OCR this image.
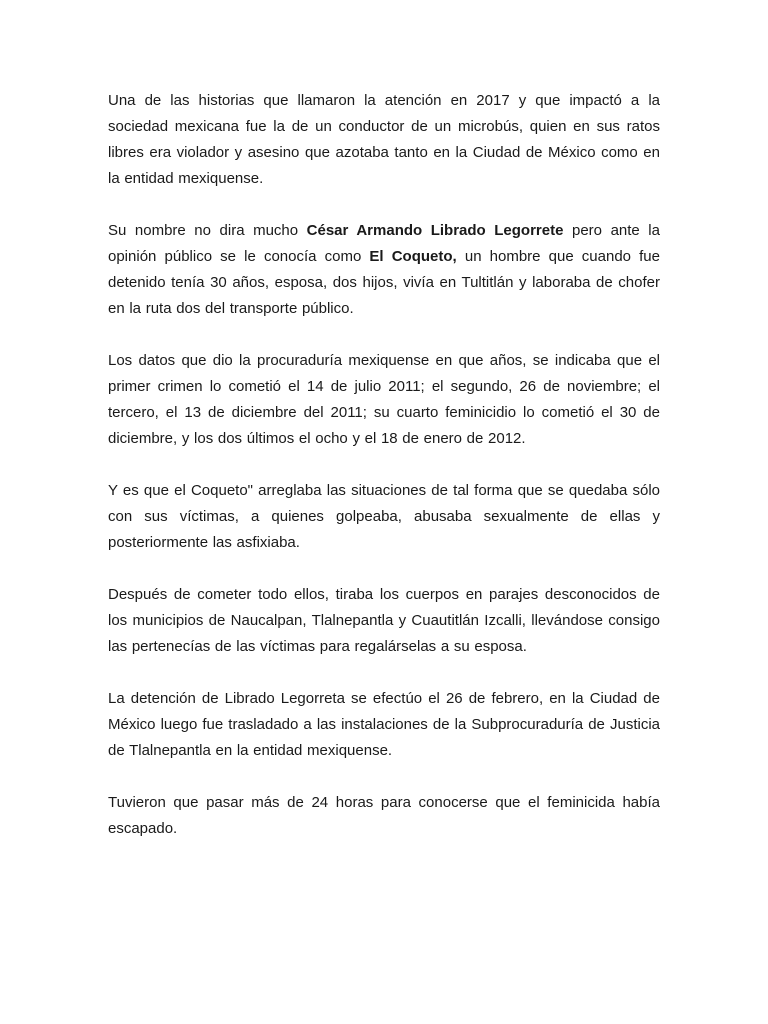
Una de las historias que llamaron la atención en 2017 y que impactó a la sociedad mexicana fue la de un conductor de un microbús, quien en sus ratos libres era violador y asesino que azotaba tanto en la Ciudad de México como en la entidad mexiquense.

Su nombre no dira mucho César Armando Librado Legorrete pero ante la opinión público se le conocía como El Coqueto, un hombre que cuando fue detenido tenía 30 años, esposa, dos hijos, vivía en Tultitlán y laboraba de chofer en la ruta dos del transporte público.

Los datos que dio la procuraduría mexiquense en que años, se indicaba que el primer crimen lo cometió el 14 de julio 2011; el segundo, 26 de noviembre; el tercero, el 13 de diciembre del 2011; su cuarto feminicidio lo cometió el 30 de diciembre, y los dos últimos el ocho y el 18 de enero de 2012.

Y es que el Coqueto" arreglaba las situaciones de tal forma que se quedaba sólo con sus víctimas, a quienes golpeaba, abusaba sexualmente de ellas y posteriormente las asfixiaba.

Después de cometer todo ellos, tiraba los cuerpos en parajes desconocidos de los municipios de Naucalpan, Tlalnepantla y Cuautitlán Izcalli, llevándose consigo las pertenecías de las víctimas para regalárselas a su esposa.

La detención de Librado Legorreta se efectúo el 26 de febrero, en la Ciudad de México luego fue trasladado a las instalaciones de la Subprocuraduría de Justicia de Tlalnepantla en la entidad mexiquense.

Tuvieron que pasar más de 24 horas para conocerse que el feminicida había escapado.
